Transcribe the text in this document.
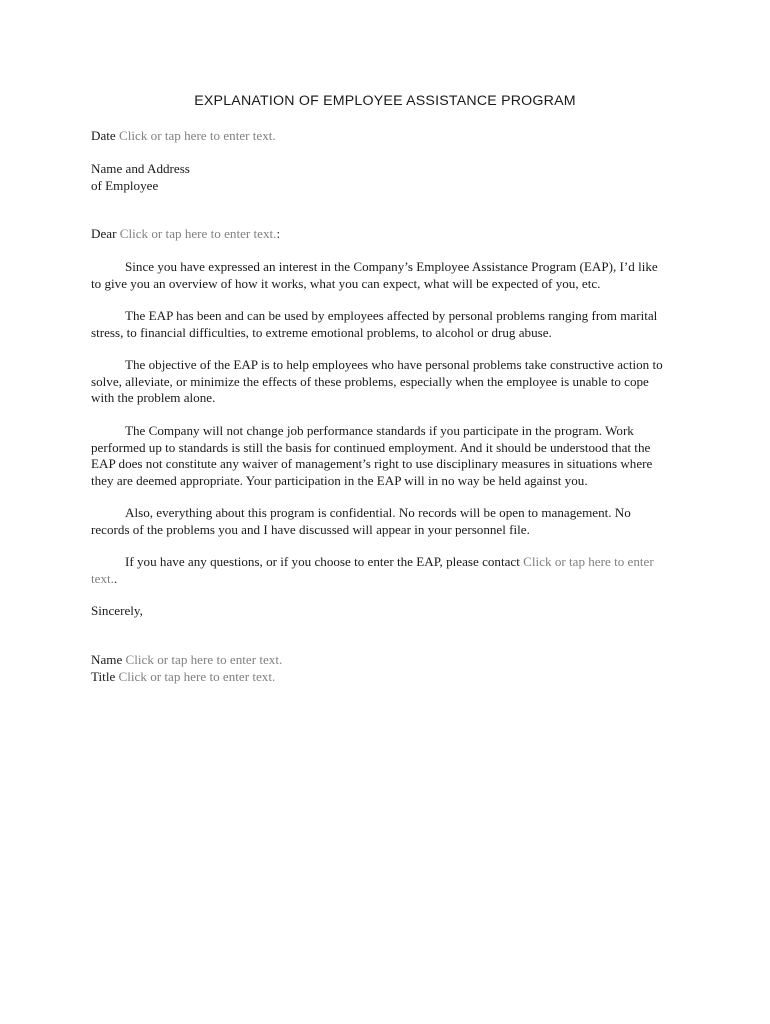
EXPLANATION OF EMPLOYEE ASSISTANCE PROGRAM

Date Click or tap here to enter text.

Name and Address
of Employee

Dear Click or tap here to enter text.:

Since you have expressed an interest in the Company’s Employee Assistance Program (EAP), I’d like to give you an overview of how it works, what you can expect, what will be expected of you, etc.

The EAP has been and can be used by employees affected by personal problems ranging from marital stress, to financial difficulties, to extreme emotional problems, to alcohol or drug abuse.

The objective of the EAP is to help employees who have personal problems take constructive action to solve, alleviate, or minimize the effects of these problems, especially when the employee is unable to cope with the problem alone.

The Company will not change job performance standards if you participate in the program. Work performed up to standards is still the basis for continued employment. And it should be understood that the EAP does not constitute any waiver of management’s right to use disciplinary measures in situations where they are deemed appropriate. Your participation in the EAP will in no way be held against you.

Also, everything about this program is confidential. No records will be open to management. No records of the problems you and I have discussed will appear in your personnel file.

If you have any questions, or if you choose to enter the EAP, please contact Click or tap here to enter text..

Sincerely,

Name Click or tap here to enter text.
Title Click or tap here to enter text.
